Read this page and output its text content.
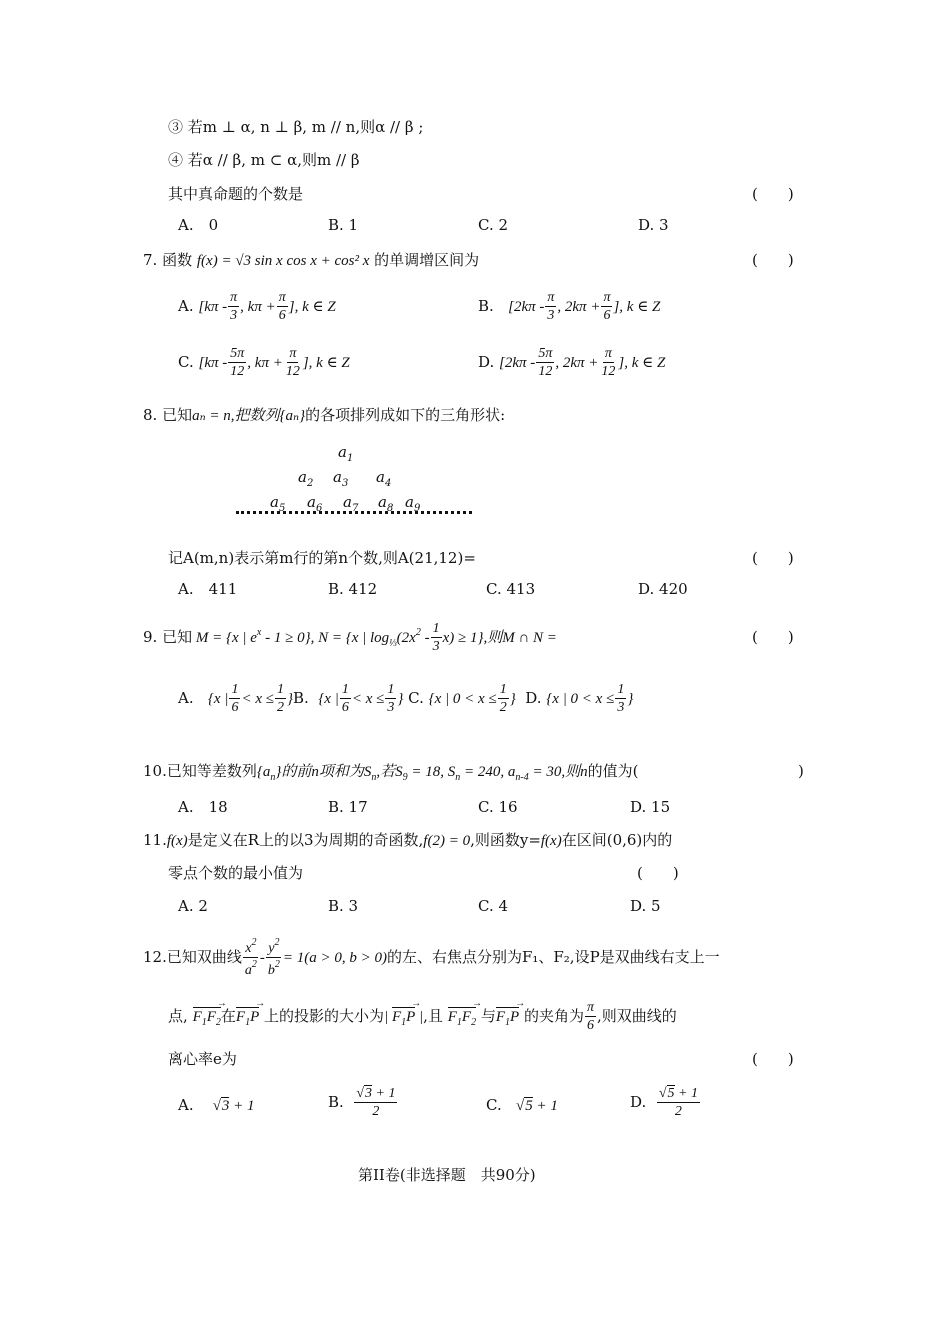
③ 若m ⊥ α, n ⊥ β, m // n,则α // β ;
④ 若α // β, m ⊂ α,则m // β
其中真命题的个数是	(　　)
A.　0	B. 1	C. 2	D. 3
7. 函数 f(x) = √3 sin x cos x + cos² x 的单调增区间为	(　　)
A. [$k\pi - \frac{\pi}{3}$ , $k\pi + \frac{\pi}{6}$ ], k ∈ Z	B. [$2k\pi - \frac{\pi}{3}$ , $2k\pi + \frac{\pi}{6}$ ], k ∈ Z
C. [$k\pi - \frac{5\pi}{12}$ , $k\pi + \frac{\pi}{12}$ ], k ∈ Z	D. [$2k\pi - \frac{5\pi}{12}$ , $2k\pi + \frac{\pi}{12}$ ], k ∈ Z
8. 已知aₙ = n,把数列{aₙ}的各项排列成如下的三角形状:
$a_1$
$a_2$ $a_3$ $a_4$
$a_5$ $a_6$ $a_7$ $a_8$ $a_9$
记A(m,n)表示第m行的第n个数,则A(21,12)=	(　　)
A.　411	B. 412	C. 413	D. 420
9. 已知 M = {x | $e^x - 1 \ge 0$}, N = {x | $\log_{\frac{1}{3}}(2x^2 - \frac{1}{3} x) \ge 1$},则M ∩ N =	(　　)
A. {x | $\frac{1}{6} < x \le \frac{1}{2} \}B$. {x | $\frac{1}{6} < x \le \frac{1}{3}$ } C. {x | $0 < x \le \frac{1}{2}$ } D. {x | $0 < x \le \frac{1}{3}$ }
10.已知等差数列$\{a_n\}$的前n项和为$S_n$,若$S_9 = 18$, $S_n = 240$, $a_{n-4} = 30$,则n的值为(	)
A.　18	B. 17	C. 16	D. 15
11.f(x)是定义在R上的以3为周期的奇函数,f(2) = 0,则函数y=f(x)在区间(0,6)内的
零点个数的最小值为	(　　)
A. 2	B. 3	C. 4	D. 5
12.已知双曲线 $\frac{x^2}{a^2} - \frac{y^2}{b^2} = 1(a > 0$, b > 0)的左、右焦点分别为F₁、F₂,设P是双曲线右支上一
点, $F_1F_2$ →在$F_1P$ → 上的投影的大小为| $F_1P$ → |,且 $F_1F_2$ → 与$F_1P$ → 的夹角为 $\frac{\pi}{6}$ ,则双曲线的
离心率e为	(　　)
A. √3 + 1	B. $\frac{√3 + 1}{2}$	C. √5 + 1	D. $\frac{√5 + 1}{2}$
第II卷(非选择题　共90分)
